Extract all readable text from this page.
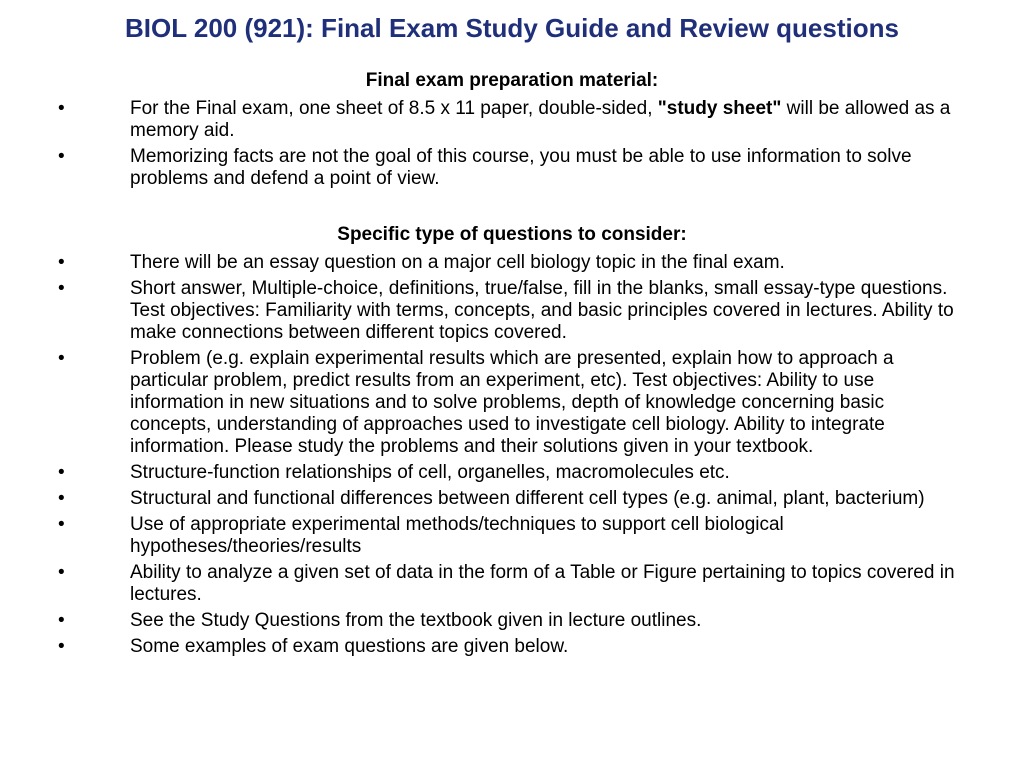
BIOL 200 (921): Final Exam Study Guide and Review questions
Final exam preparation material:
•	For the Final exam, one sheet of 8.5 x 11 paper, double-sided, "study sheet" will be allowed as a memory aid.
•	Memorizing facts are not the goal of this course, you must be able to use information to solve problems and defend a point of view.
Specific type of questions to consider:
•	There will be an essay question on a major cell biology topic in the final exam.
•	Short answer, Multiple-choice, definitions, true/false, fill in the blanks, small essay-type questions. Test objectives: Familiarity with terms, concepts, and basic principles covered in lectures. Ability to make connections between different topics covered.
•	Problem (e.g. explain experimental results which are presented, explain how to approach a particular problem, predict results from an experiment, etc). Test objectives: Ability to use information in new situations and to solve problems, depth of knowledge concerning basic concepts, understanding of approaches used to investigate cell biology. Ability to integrate information. Please study the problems and their solutions given in your textbook.
•	Structure-function relationships of cell, organelles, macromolecules etc.
•	Structural and functional differences between different cell types (e.g. animal, plant, bacterium)
•	Use of appropriate experimental methods/techniques to support cell biological hypotheses/theories/results
•	Ability to analyze a given set of data in the form of a Table or Figure pertaining to topics covered in lectures.
•	See the Study Questions from the textbook given in lecture outlines.
•	Some examples of exam questions are given below.
